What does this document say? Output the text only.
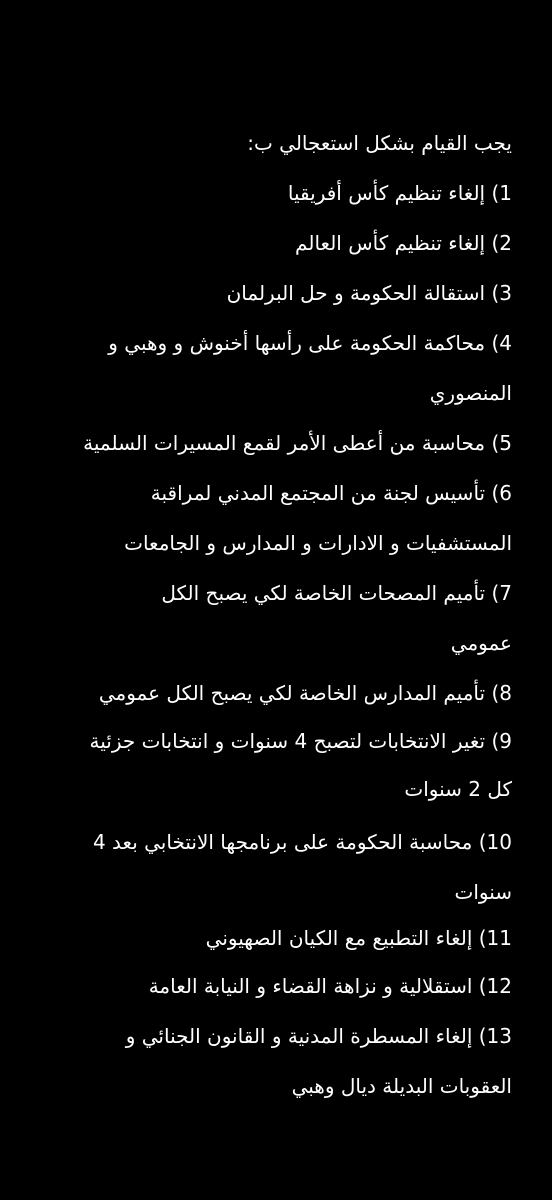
يجب القيام بشكل استعجالي ب:
1) إلغاء تنظيم كأس أفريقيا
2) إلغاء تنظيم كأس العالم
3) استقالة الحكومة و حل البرلمان
4) محاكمة الحكومة على رأسها أخنوش و وهبي و
المنصوري
5) محاسبة من أعطى الأمر لقمع المسيرات السلمية
6) تأسيس لجنة من المجتمع المدني لمراقبة
المستشفيات و الادارات و المدارس و الجامعات
7) تأميم المصحات الخاصة لكي يصبح الكل
عمومي
8) تأميم المدارس الخاصة لكي يصبح الكل عمومي
9) تغير الانتخابات لتصبح 4 سنوات و انتخابات جزئية
كل 2 سنوات
10) محاسبة الحكومة على برنامجها الانتخابي بعد 4
سنوات
11) إلغاء التطبيع مع الكيان الصهيوني
12) استقلالية و نزاهة القضاء و النيابة العامة
13) إلغاء المسطرة المدنية و القانون الجنائي و
العقوبات البديلة ديال وهبي
